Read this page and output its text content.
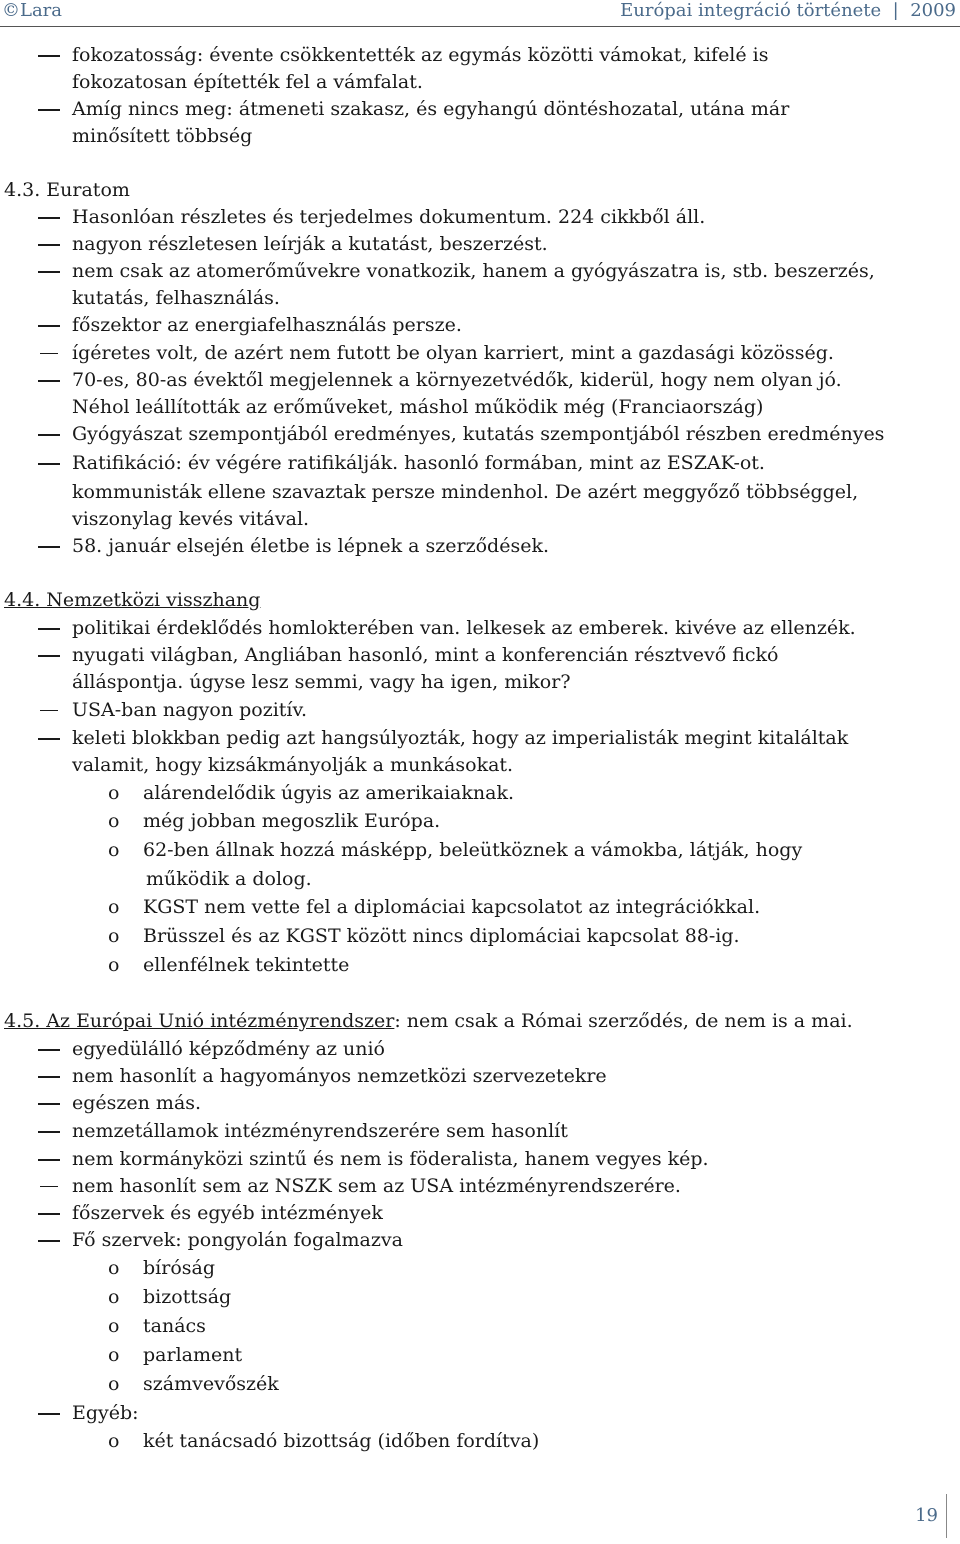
©Lara	Európai integráció története  |  2009
fokozatosság: évente csökkentették az egymás közötti vámokat, kifelé is
fokozatosan építették fel a vámfalat.
Amíg nincs meg: átmeneti szakasz, és egyhangú döntéshozatal, utána már
minősített többség
4.3. Euratom
Hasonlóan részletes és terjedelmes dokumentum. 224 cikkből áll.
nagyon részletesen leírják a kutatást, beszerzést.
nem csak az atomerőművekre vonatkozik, hanem a gyógyászatra is, stb. beszerzés,
kutatás, felhasználás.
főszektor az energiafelhasználás persze.
ígéretes volt, de azért nem futott be olyan karriert, mint a gazdasági közösség.
70-es, 80-as évektől megjelennek a környezetvédők, kiderül, hogy nem olyan jó.
Néhol leállították az erőműveket, máshol működik még (Franciaország)
Gyógyászat szempontjából eredményes, kutatás szempontjából részben eredményes
Ratifikáció: év végére ratifikálják. hasonló formában, mint az ESZAK-ot.
kommunisták ellene szavaztak persze mindenhol. De azért meggyőző többséggel,
viszonylag kevés vitával.
58. január elsején életbe is lépnek a szerződések.
4.4. Nemzetközi visszhang
politikai érdeklődés homlokterében van. lelkesek az emberek. kivéve az ellenzék.
nyugati világban, Angliában hasonló, mint a konferencián résztvevő fickó
álláspontja. úgyse lesz semmi, vagy ha igen, mikor?
USA-ban nagyon pozitív.
keleti blokkban pedig azt hangsúlyozták, hogy az imperialisták megint kitaláltak
valamit, hogy kizsákmányolják a munkásokat.
o alárendelődik úgyis az amerikaiaknak.
o még jobban megoszlik Európa.
o 62-ben állnak hozzá másképp, beleütköznek a vámokba, látják, hogy
működik a dolog.
o KGST nem vette fel a diplomáciai kapcsolatot az integrációkkal.
o Brüsszel és az KGST között nincs diplomáciai kapcsolat 88-ig.
o ellenfélnek tekintette
4.5. Az Európai Unió intézményrendszer: nem csak a Római szerződés, de nem is a mai.
egyedülálló képződmény az unió
nem hasonlít a hagyományos nemzetközi szervezetekre
egészen más.
nemzetállamok intézményrendszerére sem hasonlít
nem kormányközi szintű és nem is föderalista, hanem vegyes kép.
nem hasonlít sem az NSZK sem az USA intézményrendszerére.
főszervek és egyéb intézmények
Fő szervek: pongyolán fogalmazva
o bíróság
o bizottság
o tanács
o parlament
o számvevőszék
Egyéb:
o két tanácsadó bizottság (időben fordítva)
19
